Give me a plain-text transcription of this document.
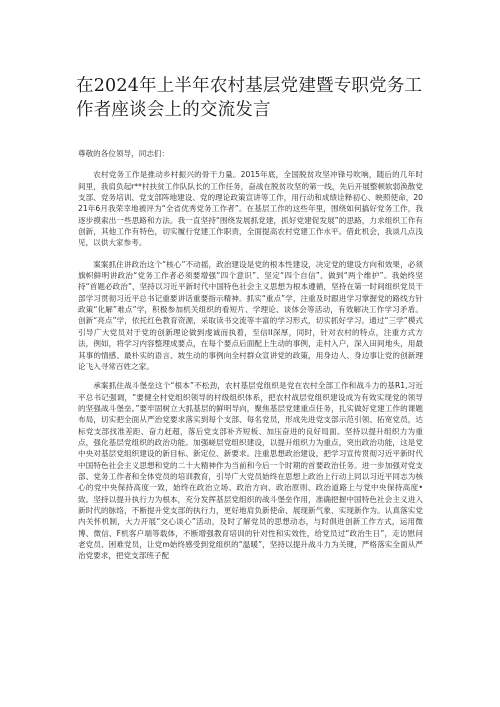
在2024年上半年农村基层党建暨专职党务工作者座谈会上的交流发言

尊敬的各位领导，同志们：

农村党务工作是推动乡村振兴的骨干力量。2015年底，全国脱贫攻坚冲锋号吹响，随后的几年时间里，我肩负起r**村扶贫工作队队长的工作任务，奋战在脱贫攻坚的第一线，先后开展整顿软弱涣散党支部、党务培训、党支部阵地建设、党的理论政策宣讲等工作，用行动和成绩诠释初心、映照使命，2021年6月我荣幸地被评为“全省优秀党务工作者”。在基层工作的这些年里，围绕如何搞好党务工作，我逐步摸索出一些思路和方法。我一直坚持“围绕发展抓党建，抓好党建促发展”的思路，力求组织工作有创新，其他工作有特色，切实履行党建工作职责，全面提高农村党建工作水平。借此机会，我谈几点浅见，以供大家参考。

案案抓住讲政治这个“核心”不动摇，政治建设是党的根本性建设，决定党的建设方向和效果，必须旗帜鲜明讲政治“党务工作者必须要增强“四个意识”、坚定“四个自信”、做到“两个维护”。我始终坚持“首题必政治”，坚持以习近平新时代中国特色社会主义思想为根本遵循，坚持在第一时间组织党员干部学习贯彻习近平总书记重要讲话重要指示精神。抓实“重点”学，注重及时跟进学习掌握党的路线方针政策“化解”难点”学，积极参加机关组织的看短片、学理论、谈体会等活动，有效解决工作学习矛盾。创新“亮点”学，依托红色教育资源，采取读书交流等丰富的学习形式，切实抓好学习。通过“三学”模式引导广大党员对于党的创新理论做到虔诚而执着，至信II深厚，同时，针对农村的特点，注重方式方法，例如，将学习内容整理成要点，在每个要点后面配上生动的事例，走村入户，深入田间地头，用最其事的情感、最朴实的语言、坡生动的事例向全村群众宣讲党的政策，用身边人、身边事让党的创新理论飞入寻常百姓之家。

承案抓住战斗堡垒这个“根本”不松劲，农村基层党组织是党在农村全部工作和战斗力的基R1,习近平总书记强调，“要健全村党组织领导的村级组织体系，把农村战层党组织建设成为有效实现党的领导的坚强战斗堡垒。”要牢固树立大抓基层的鲜明导向，聚焦基层党建重点任务，扎实做好党建工作的课题布局，切实把全面从严治党要求落实到每个支部、每名党员，形成先进党支部示范引领、拓宽党员，达标党支部找准差距、奋力赶超，落后党支部补齐短板、加压奋进的良好局面。坚持以提升组织力为重点，强化基层党组织的政治功能。加强嵯层党组织建设，以提升组织力为重点，突出政治功能，这是党中央对基层党组织建设的新目标、新定位、新要求。注重思想政治建设，把学习宣传贯彻习近平新时代中国特色社会主义思想和党的二十大精神作为当前和今后一个时期的首要政治任务。进一步加强对党支部、党务工作者和全体党员的培训教育，引导广大党员始终在思想上政治上行动上同以习近平同志为核心的党中央保持高度一致，始终在政治立场、政治方向、政治原则、政治道路上与党中央保持高度•致。坚持以提升执行力为根本，充分发挥基层党组织的战斗堡垒作用，准确把握中国特色社会主义进入新时代的脉络，不断提升党支部的执行力，更好地肩负新使命、展现新气象、实现新作为。认真落实党内关怀机制，大力开展“交心谈心”活动，及时了解党员的思想动态，与时俱进创新工作方式，运用微博、微信、F机客户端等载体，不断增强教育培训的针对性和实效性，给党员过“政治生日”，走访慰问老党员、困难党员，让党m始终感受到党组织的“温暖”，坚持以提升战斗力为关键，严格落实全面从严治党要求，把党支部班子配
